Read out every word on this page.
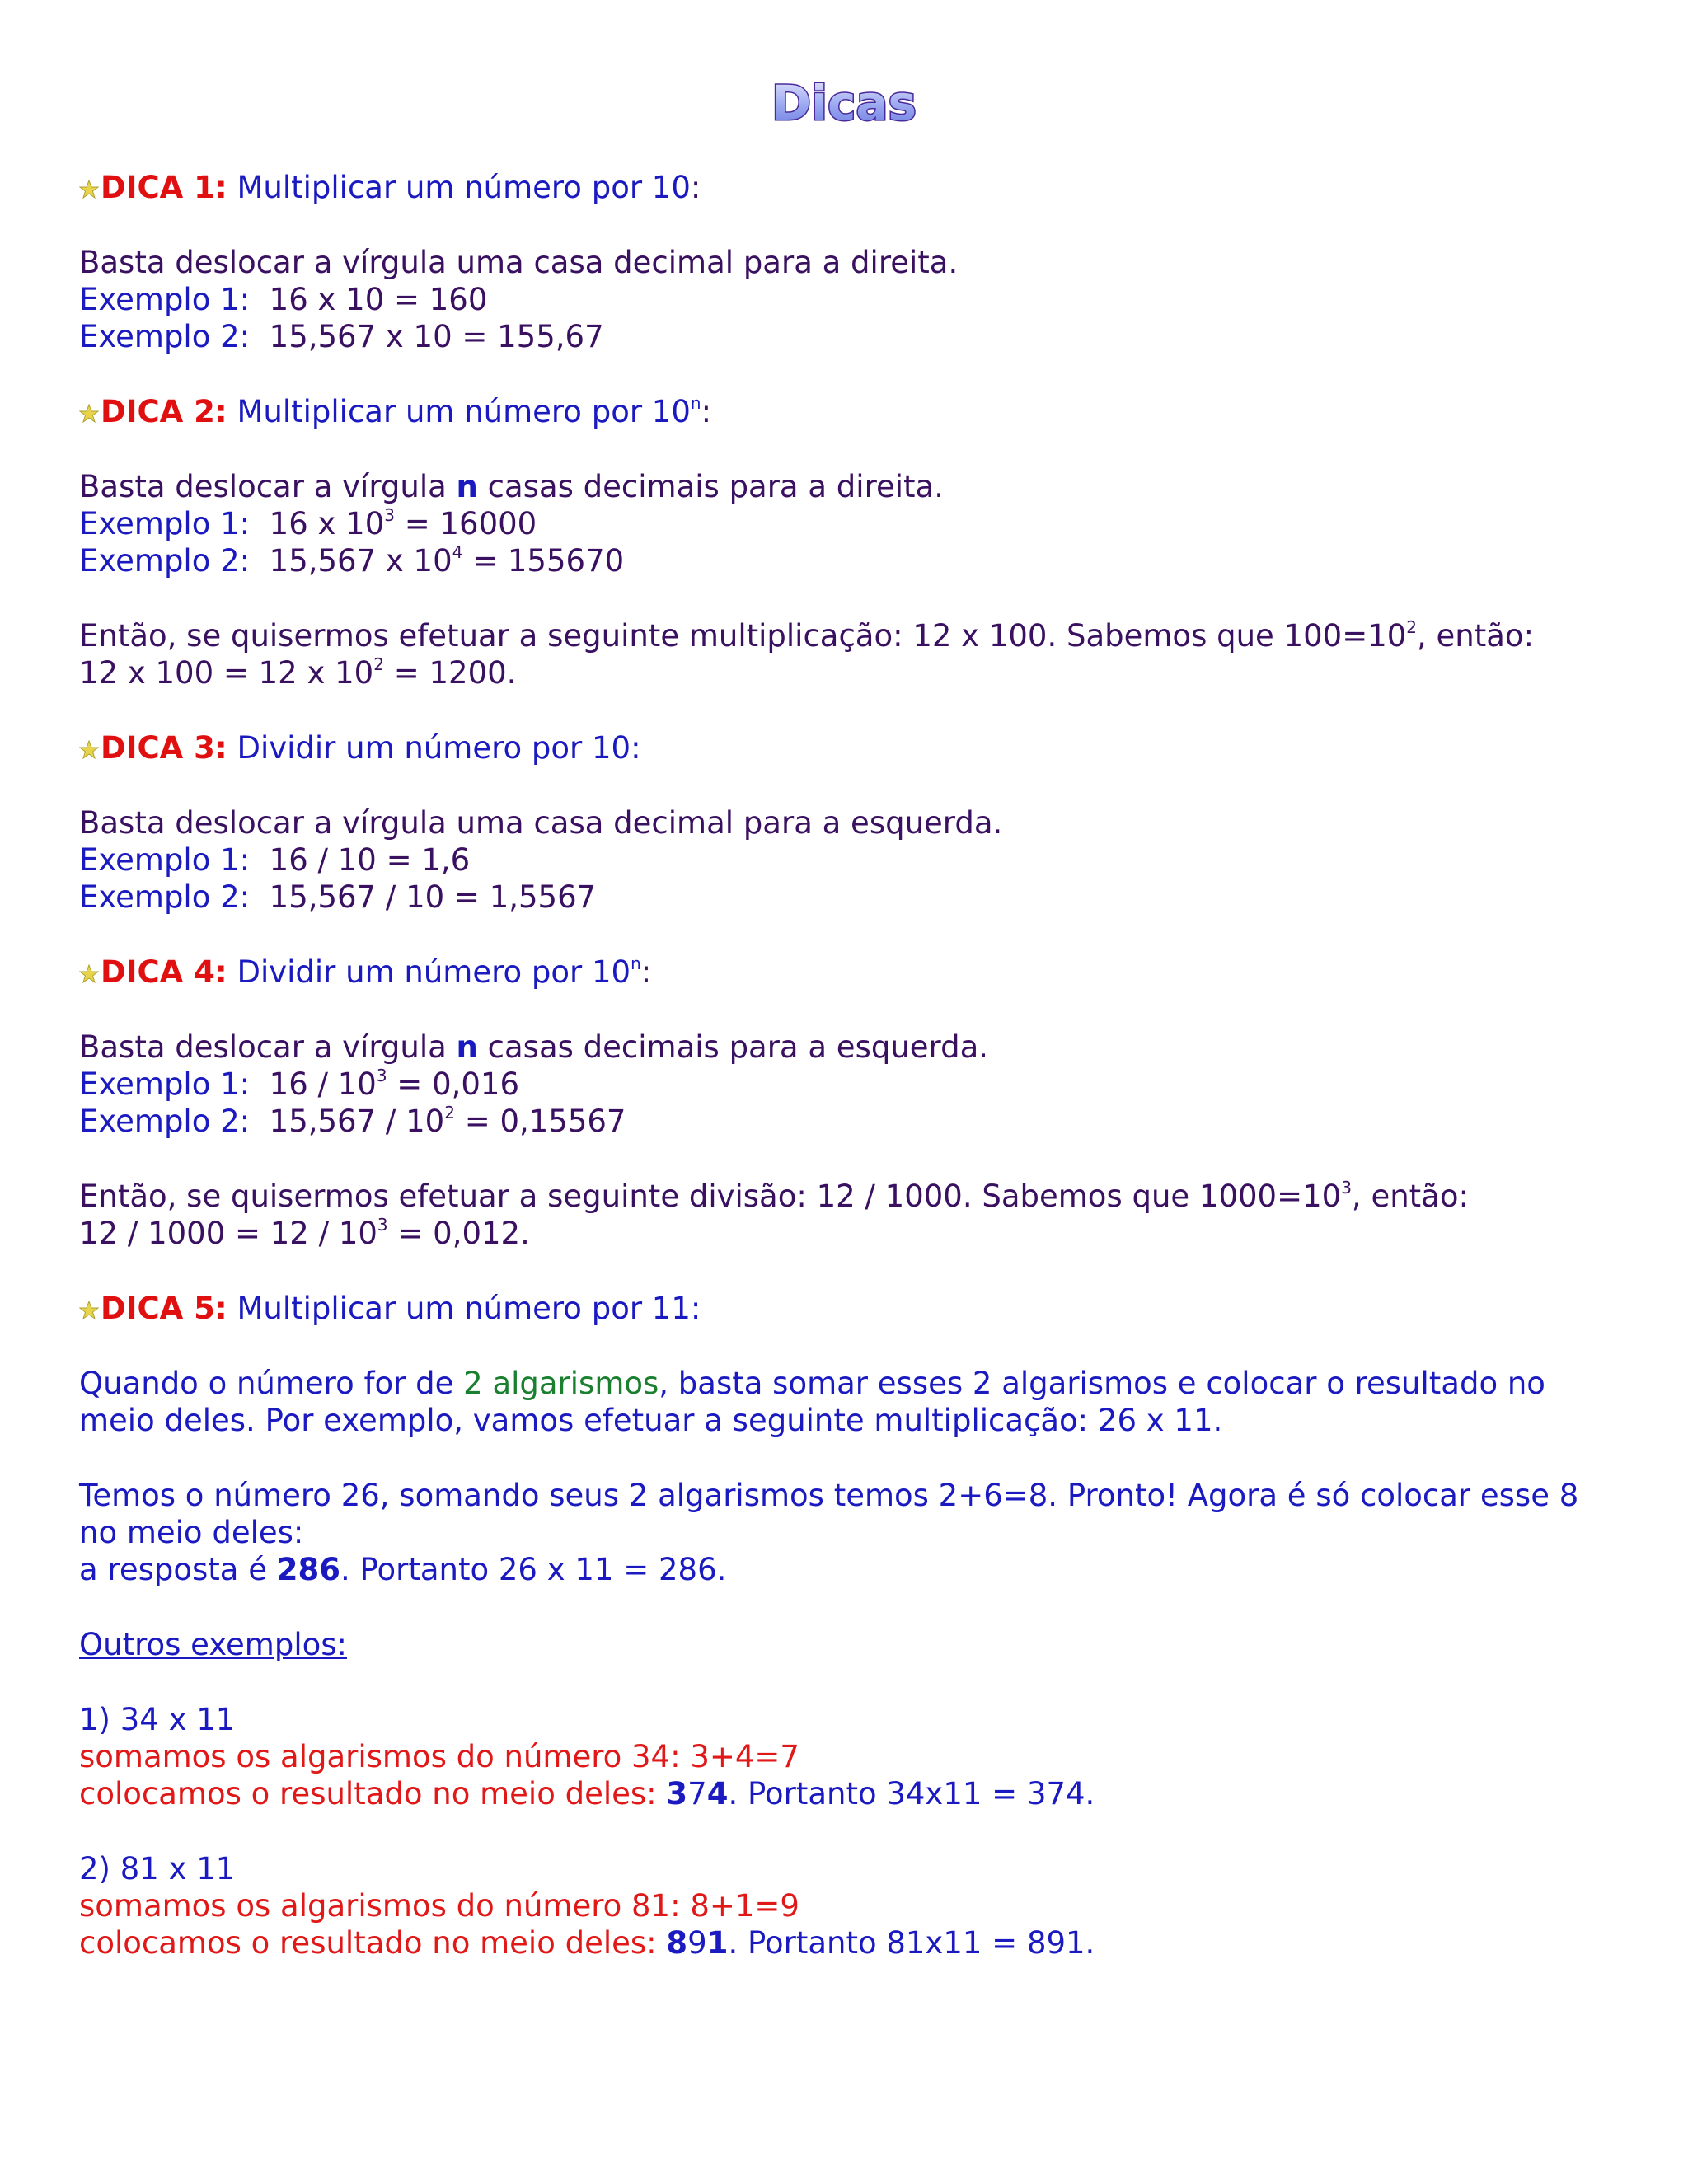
Dicas
DICA 1: Multiplicar um número por 10:
Basta deslocar a vírgula uma casa decimal para a direita.
Exemplo 1: 16 x 10 = 160
Exemplo 2: 15,567 x 10 = 155,67
DICA 2: Multiplicar um número por 10$^n$:
Basta deslocar a vírgula n casas decimais para a direita.
Exemplo 1: 16 x $10^3 = 16000$
Exemplo 2: 15,567 x $10^4 = 155670$
Então, se quisermos efetuar a seguinte multiplicação: 12 x 100. Sabemos que $100=10^2$, então:
12 x 100 = 12 x $10^2 = 1200$.
DICA 3: Dividir um número por 10:
Basta deslocar a vírgula uma casa decimal para a esquerda.
Exemplo 1: 16 / 10 = 1,6
Exemplo 2: 15,567 / 10 = 1,5567
DICA 4: Dividir um número por 10$^n$:
Basta deslocar a vírgula n casas decimais para a esquerda.
Exemplo 1: $16 / 10^3 = 0,016$
Exemplo 2: $15,567 / 10^2 = 0,15567$
Então, se quisermos efetuar a seguinte divisão: 12 / 1000. Sabemos que $1000=10^3$, então:
$12 / 1000 = 12 / 10^3 = 0,012$.
DICA 5: Multiplicar um número por 11:
Quando o número for de 2 algarismos, basta somar esses 2 algarismos e colocar o resultado no
meio deles. Por exemplo, vamos efetuar a seguinte multiplicação: 26 x 11.
Temos o número 26, somando seus 2 algarismos temos 2+6=8. Pronto! Agora é só colocar esse 8
no meio deles:
a resposta é 286. Portanto 26 x 11 = 286.
Outros exemplos:
1) 34 x 11
somamos os algarismos do número 34: 3+4=7
colocamos o resultado no meio deles: 374. Portanto 34x11 = 374.
2) 81 x 11
somamos os algarismos do número 81: 8+1=9
colocamos o resultado no meio deles: 891. Portanto 81x11 = 891.
